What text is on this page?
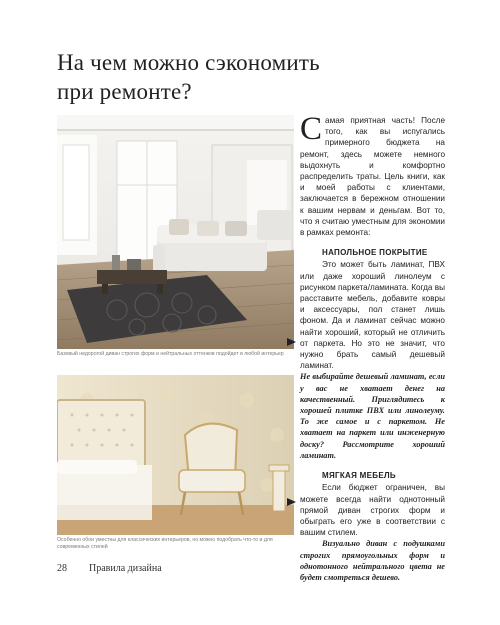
На чем можно сэкономить при ремонте?

Базовый недорогой диван строгих форм и нейтральных оттенков подойдет в любой интерьер

Особенно обои уместны для классических интерьеров, но можно подобрать что-то и для современных стилей

Самая приятная часть! После того, как вы испугались примерного бюджета на ремонт, здесь можете немного выдохнуть и комфортно распределить траты. Цель книги, как и моей работы с клиентами, заключается в бережном отношении к вашим нервам и деньгам. Вот то, что я считаю уместным для экономии в рамках ремонта:

НАПОЛЬНОЕ ПОКРЫТИЕ

Это может быть ламинат, ПВХ или даже хороший линолеум с рисунком паркета/ламината. Когда вы расставите мебель, добавите ковры и аксессуары, пол станет лишь фоном. Да и ламинат сейчас можно найти хороший, который не отличить от паркета. Но это не значит, что нужно брать самый дешевый ламинат.

Не выбирайте дешевый ламинат, если у вас не хватает денег на качественный. Приглядитесь к хорошей плитке ПВХ или линолеуму. То же самое и с паркетом. Не хватает на паркет или инженерную доску? Рассмотрите хороший ламинат.

МЯГКАЯ МЕБЕЛЬ

Если бюджет ограничен, вы можете всегда найти однотонный прямой диван строгих форм и обыграть его уже в соответствии с вашим стилем.

Визуально диван с подушками строгих прямоугольных форм и однотонного нейтрального цвета не будет смотреться дешево.

28 Правила дизайна
